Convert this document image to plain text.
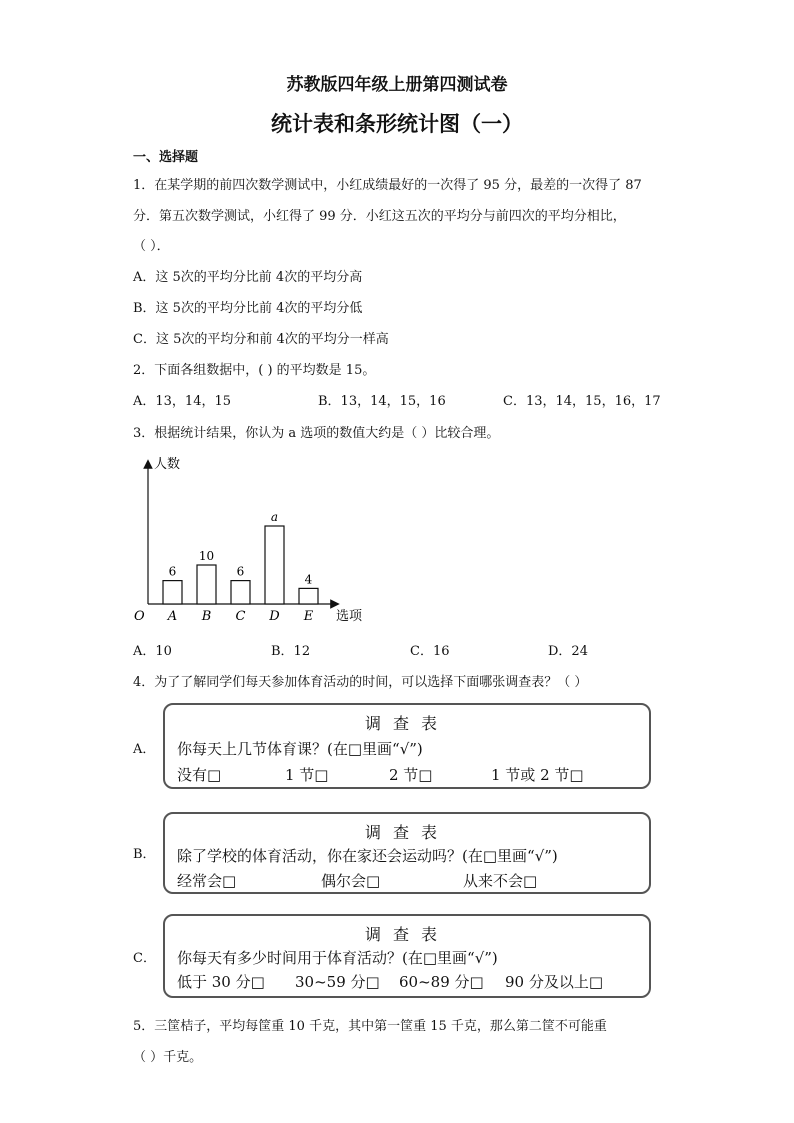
苏教版四年级上册第四测试卷
统计表和条形统计图（一）
一、选择题
1．在某学期的前四次数学测试中，小红成绩最好的一次得了 95 分，最差的一次得了 87
分．第五次数学测试，小红得了 99 分．小红这五次的平均分与前四次的平均分相比，
（ ）．
A．这 5次的平均分比前 4次的平均分高
B．这 5次的平均分比前 4次的平均分低
C．这 5次的平均分和前 4次的平均分一样高
2．下面各组数据中，( ) 的平均数是 15。
A．13，14，15	B．13，14，15，16	C．13，14，15，16，17
3．根据统计结果，你认为 a 选项的数值大约是（ ）比较合理。
人数
选项
O
6
A
10
B
6
C
a
D
4
E
A．10	B．12	C．16	D．24
4．为了了解同学们每天参加体育活动的时间，可以选择下面哪张调查表？（ ）
A．
调查表
你每天上几节体育课？(在□里画“√”)
没有□	1 节□	2 节□	1 节或 2 节□
B．
调查表
除了学校的体育活动，你在家还会运动吗？(在□里画“√”)
经常会□	偶尔会□	从来不会□
C．
调查表
你每天有多少时间用于体育活动？(在□里画“√”)
低于 30 分□ 30~59 分□ 60~89 分□ 90 分及以上□
5．三筐桔子，平均每筐重 10 千克，其中第一筐重 15 千克，那么第二筐不可能重
（ ）千克。
